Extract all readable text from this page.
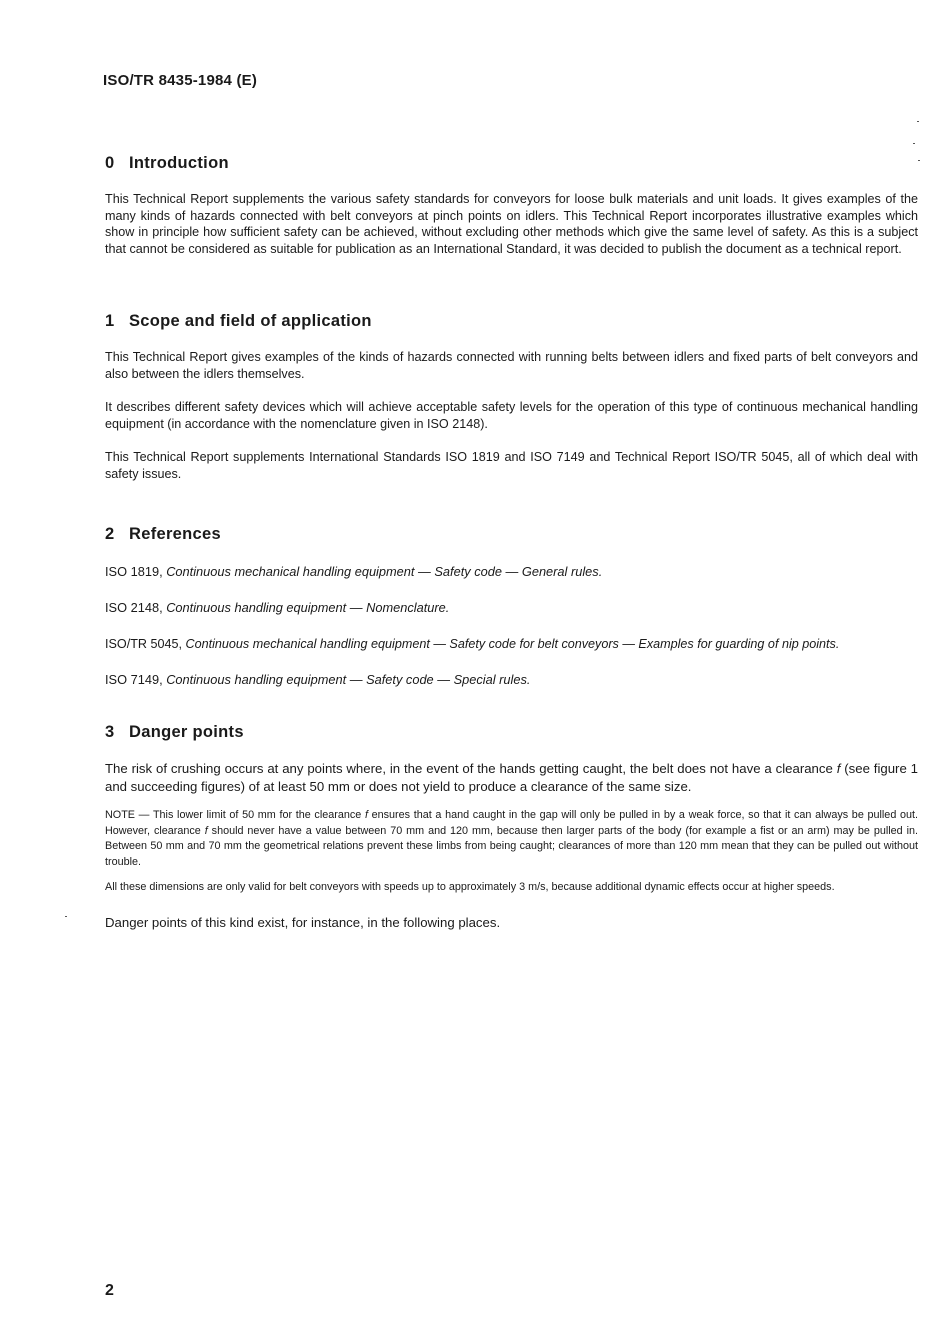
ISO/TR 8435-1984 (E)
0 Introduction

This Technical Report supplements the various safety standards for conveyors for loose bulk materials and unit loads. It gives examples of the many kinds of hazards connected with belt conveyors at pinch points on idlers. This Technical Report incorporates illustrative examples which show in principle how sufficient safety can be achieved, without excluding other methods which give the same level of safety. As this is a subject that cannot be considered as suitable for publication as an International Standard, it was decided to publish the document as a technical report.

1 Scope and field of application

This Technical Report gives examples of the kinds of hazards connected with running belts between idlers and fixed parts of belt conveyors and also between the idlers themselves.

It describes different safety devices which will achieve acceptable safety levels for the operation of this type of continuous mechanical handling equipment (in accordance with the nomenclature given in ISO 2148).

This Technical Report supplements International Standards ISO 1819 and ISO 7149 and Technical Report ISO/TR 5045, all of which deal with safety issues.

2 References

ISO 1819, Continuous mechanical handling equipment — Safety code — General rules.

ISO 2148, Continuous handling equipment — Nomenclature.

ISO/TR 5045, Continuous mechanical handling equipment — Safety code for belt conveyors — Examples for guarding of nip points.

ISO 7149, Continuous handling equipment — Safety code — Special rules.

3 Danger points

The risk of crushing occurs at any points where, in the event of the hands getting caught, the belt does not have a clearance f (see figure 1 and succeeding figures) of at least 50 mm or does not yield to produce a clearance of the same size.

NOTE — This lower limit of 50 mm for the clearance f ensures that a hand caught in the gap will only be pulled in by a weak force, so that it can always be pulled out. However, clearance f should never have a value between 70 mm and 120 mm, because then larger parts of the body (for example a fist or an arm) may be pulled in. Between 50 mm and 70 mm the geometrical relations prevent these limbs from being caught; clearances of more than 120 mm mean that they can be pulled out without trouble.

All these dimensions are only valid for belt conveyors with speeds up to approximately 3 m/s, because additional dynamic effects occur at higher speeds.

Danger points of this kind exist, for instance, in the following places.

2
